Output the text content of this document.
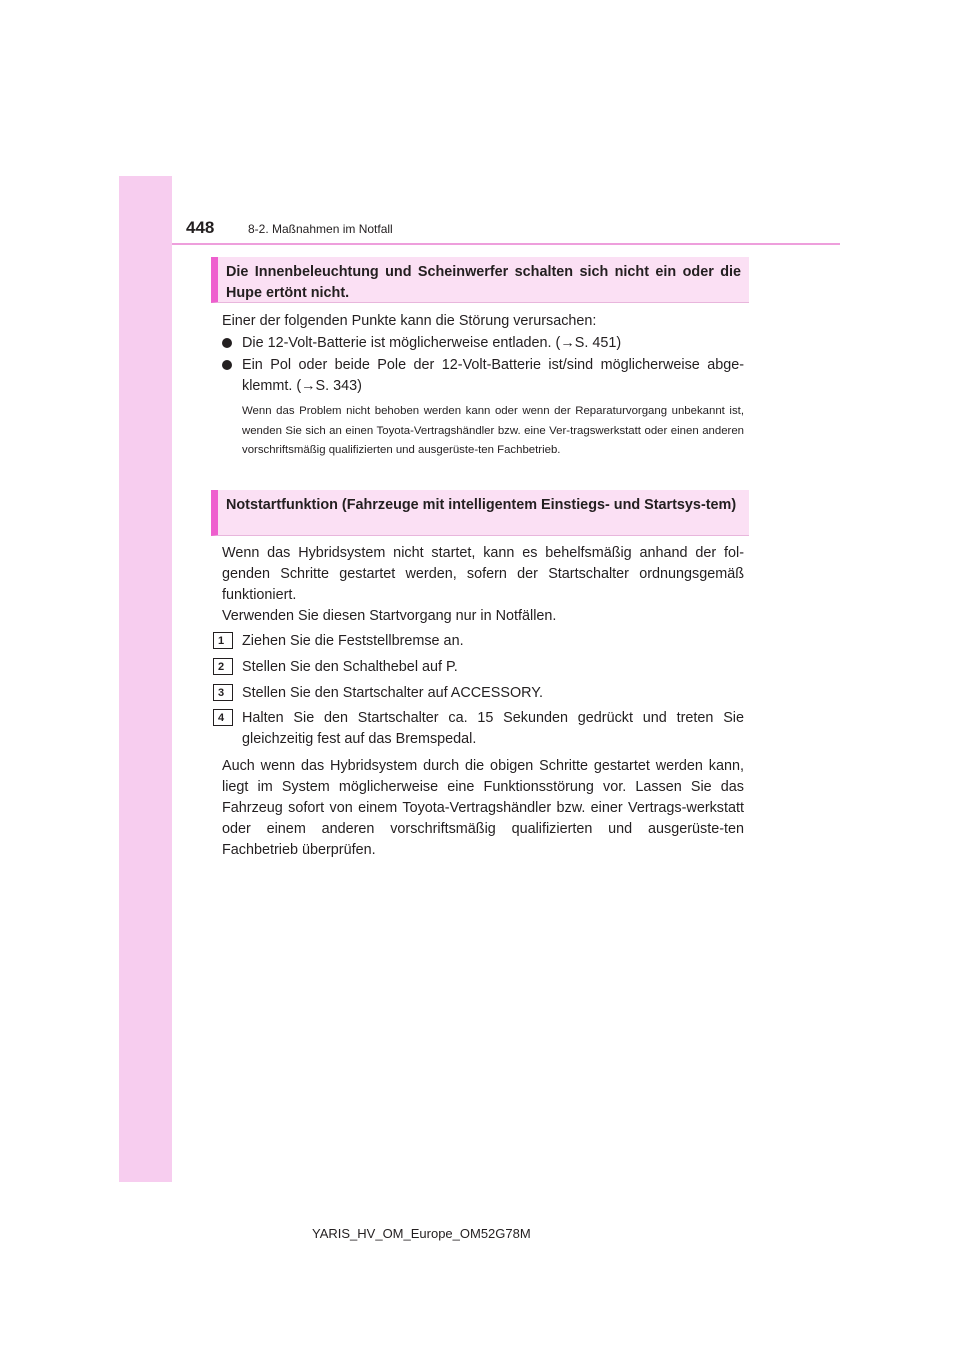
448	8-2. Maßnahmen im Notfall
Die Innenbeleuchtung und Scheinwerfer schalten sich nicht ein oder die Hupe ertönt nicht.
Einer der folgenden Punkte kann die Störung verursachen:
Die 12-Volt-Batterie ist möglicherweise entladen. (→S. 451)
Ein Pol oder beide Pole der 12-Volt-Batterie ist/sind möglicherweise abge-klemmt. (→S. 343)
Wenn das Problem nicht behoben werden kann oder wenn der Reparaturvorgang unbekannt ist, wenden Sie sich an einen Toyota-Vertragshändler bzw. eine Ver-tragswerkstatt oder einen anderen vorschriftsmäßig qualifizierten und ausgerüste-ten Fachbetrieb.
Notstartfunktion (Fahrzeuge mit intelligentem Einstiegs- und Startsys-tem)
Wenn das Hybridsystem nicht startet, kann es behelfsmäßig anhand der fol-genden Schritte gestartet werden, sofern der Startschalter ordnungsgemäß funktioniert.
Verwenden Sie diesen Startvorgang nur in Notfällen.
1	Ziehen Sie die Feststellbremse an.
2	Stellen Sie den Schalthebel auf P.
3	Stellen Sie den Startschalter auf ACCESSORY.
4	Halten Sie den Startschalter ca. 15 Sekunden gedrückt und treten Sie gleichzeitig fest auf das Bremspedal.
Auch wenn das Hybridsystem durch die obigen Schritte gestartet werden kann, liegt im System möglicherweise eine Funktionsstörung vor. Lassen Sie das Fahrzeug sofort von einem Toyota-Vertragshändler bzw. einer Vertrags-werkstatt oder einem anderen vorschriftsmäßig qualifizierten und ausgerüste-ten Fachbetrieb überprüfen.
YARIS_HV_OM_Europe_OM52G78M
